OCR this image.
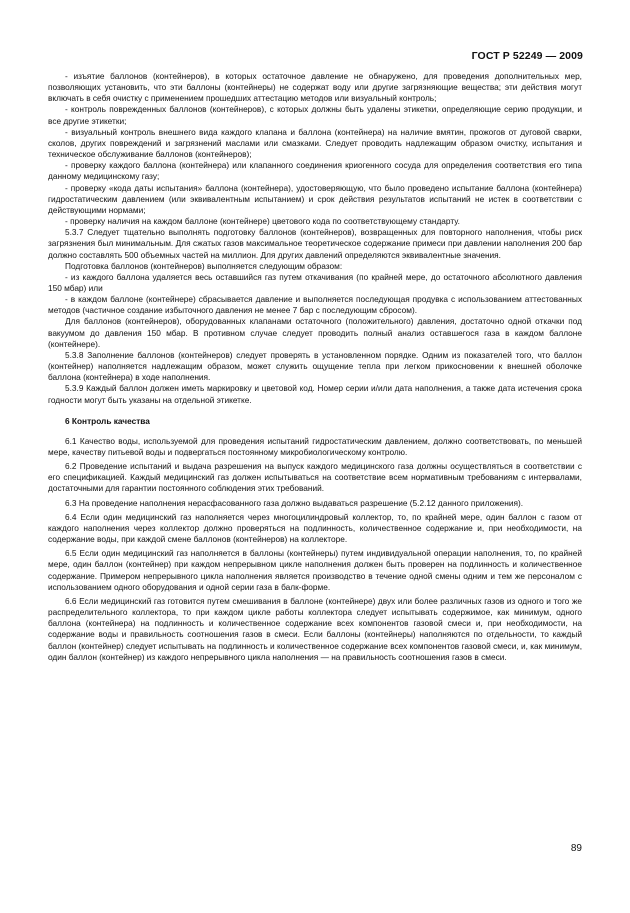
ГОСТ Р 52249 — 2009

- изъятие баллонов (контейнеров), в которых остаточное давление не обнаружено, для проведения дополнительных мер, позволяющих установить, что эти баллоны (контейнеры) не содержат воду или другие загрязняющие вещества; эти действия могут включать в себя очистку с применением прошедших аттестацию методов или визуальный контроль;

- контроль поврежденных баллонов (контейнеров), с которых должны быть удалены этикетки, определяющие серию продукции, и все другие этикетки;

- визуальный контроль внешнего вида каждого клапана и баллона (контейнера) на наличие вмятин, прожогов от дуговой сварки, сколов, других повреждений и загрязнений маслами или смазками. Следует проводить надлежащим образом очистку, испытания и техническое обслуживание баллонов (контейнеров);

- проверку каждого баллона (контейнера) или клапанного соединения криогенного сосуда для определения соответствия его типа данному медицинскому газу;

- проверку «кода даты испытания» баллона (контейнера), удостоверяющую, что было проведено испытание баллона (контейнера) гидростатическим давлением (или эквивалентным испытанием) и срок действия результатов испытаний не истек в соответствии с действующими нормами;

- проверку наличия на каждом баллоне (контейнере) цветового кода по соответствующему стандарту.

5.3.7 Следует тщательно выполнять подготовку баллонов (контейнеров), возвращенных для повторного наполнения, чтобы риск загрязнения был минимальным. Для сжатых газов максимальное теоретическое содержание примеси при давлении наполнения 200 бар должно составлять 500 объемных частей на миллион. Для других давлений определяются эквивалентные значения.

Подготовка баллонов (контейнеров) выполняется следующим образом:

- из каждого баллона удаляется весь оставшийся газ путем откачивания (по крайней мере, до остаточного абсолютного давления 150 мбар) или

- в каждом баллоне (контейнере) сбрасывается давление и выполняется последующая продувка с использованием аттестованных методов (частичное создание избыточного давления не менее 7 бар с последующим сбросом).

Для баллонов (контейнеров), оборудованных клапанами остаточного (положительного) давления, достаточно одной откачки под вакуумом до давления 150 мбар. В противном случае следует проводить полный анализ оставшегося газа в каждом баллоне (контейнере).

5.3.8 Заполнение баллонов (контейнеров) следует проверять в установленном порядке. Одним из показателей того, что баллон (контейнер) наполняется надлежащим образом, может служить ощущение тепла при легком прикосновении к внешней оболочке баллона (контейнера) в ходе наполнения.

5.3.9 Каждый баллон должен иметь маркировку и цветовой код. Номер серии и/или дата наполнения, а также дата истечения срока годности могут быть указаны на отдельной этикетке.

6 Контроль качества

6.1 Качество воды, используемой для проведения испытаний гидростатическим давлением, должно соответствовать, по меньшей мере, качеству питьевой воды и подвергаться постоянному микробиологическому контролю.

6.2 Проведение испытаний и выдача разрешения на выпуск каждого медицинского газа должны осуществляться в соответствии с его спецификацией. Каждый медицинский газ должен испытываться на соответствие всем нормативным требованиям с интервалами, достаточными для гарантии постоянного соблюдения этих требований.

6.3 На проведение наполнения нерасфасованного газа должно выдаваться разрешение (5.2.12 данного приложения).

6.4 Если один медицинский газ наполняется через многоцилиндровый коллектор, то, по крайней мере, один баллон с газом от каждого наполнения через коллектор должно проверяться на подлинность, количественное содержание и, при необходимости, на содержание воды, при каждой смене баллонов (контейнеров) на коллекторе.

6.5 Если один медицинский газ наполняется в баллоны (контейнеры) путем индивидуальной операции наполнения, то, по крайней мере, один баллон (контейнер) при каждом непрерывном цикле наполнения должен быть проверен на подлинность и количественное содержание. Примером непрерывного цикла наполнения является производство в течение одной смены одним и тем же персоналом с использованием одного оборудования и одной серии газа в балк-форме.

6.6 Если медицинский газ готовится путем смешивания в баллоне (контейнере) двух или более различных газов из одного и того же распределительного коллектора, то при каждом цикле работы коллектора следует испытывать содержимое, как минимум, одного баллона (контейнера) на подлинность и количественное содержание всех компонентов газовой смеси и, при необходимости, на содержание воды и правильность соотношения газов в смеси. Если баллоны (контейнеры) наполняются по отдельности, то каждый баллон (контейнер) следует испытывать на подлинность и количественное содержание всех компонентов газовой смеси, и, как минимум, один баллон (контейнер) из каждого непрерывного цикла наполнения — на правильность соотношения газов в смеси.

89
